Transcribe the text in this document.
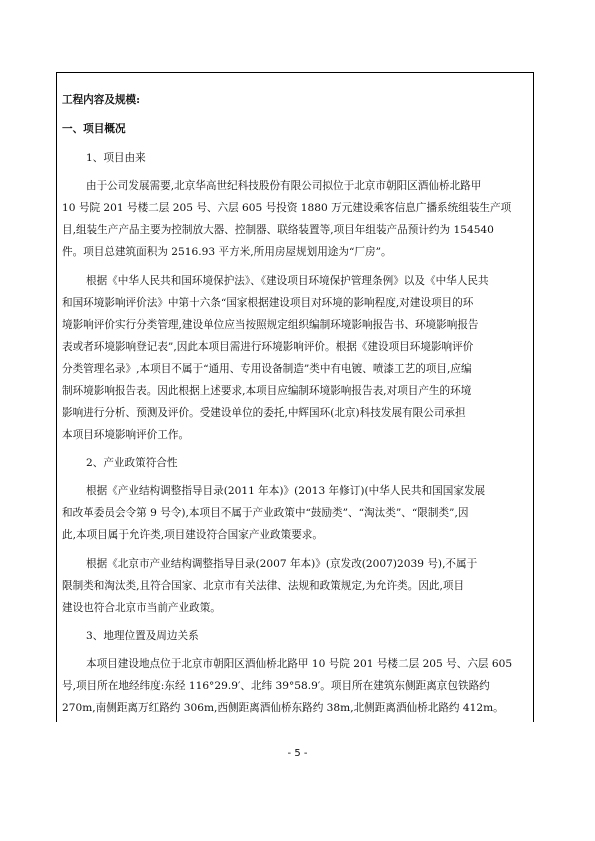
工程内容及规模:
一、项目概况
1、项目由来
由于公司发展需要,北京华高世纪科技股份有限公司拟位于北京市朝阳区酒仙桥北路甲
10 号院 201 号楼二层 205 号、六层 605 号投资 1880 万元建设乘客信息广播系统组装生产项
目,组装生产产品主要为控制放大器、控制器、联络装置等,项目年组装产品预计约为 154540
件。项目总建筑面积为 2516.93 平方米,所用房屋规划用途为“厂房”。
根据《中华人民共和国环境保护法》、《建设项目环境保护管理条例》以及《中华人民共
和国环境影响评价法》中第十六条“国家根据建设项目对环境的影响程度,对建设项目的环
境影响评价实行分类管理,建设单位应当按照规定组织编制环境影响报告书、环境影响报告
表或者环境影响登记表”,因此本项目需进行环境影响评价。根据《建设项目环境影响评价
分类管理名录》,本项目不属于“通用、专用设备制造”类中有电镀、喷漆工艺的项目,应编
制环境影响报告表。因此根据上述要求,本项目应编制环境影响报告表,对项目产生的环境
影响进行分析、预测及评价。受建设单位的委托,中辉国环(北京)科技发展有限公司承担
本项目环境影响评价工作。
2、产业政策符合性
根据《产业结构调整指导目录(2011 年本)》(2013 年修订)(中华人民共和国国家发展
和改革委员会令第 9 号令),本项目不属于产业政策中“鼓励类”、“淘汰类”、“限制类”,因
此,本项目属于允许类,项目建设符合国家产业政策要求。
根据《北京市产业结构调整指导目录(2007 年本)》(京发改(2007)2039 号),不属于
限制类和淘汰类,且符合国家、北京市有关法律、法规和政策规定,为允许类。因此,项目
建设也符合北京市当前产业政策。
3、地理位置及周边关系
本项目建设地点位于北京市朝阳区酒仙桥北路甲 10 号院 201 号楼二层 205 号、六层 605
号,项目所在地经纬度:东经 116°29.9′、北纬 39°58.9′。项目所在建筑东侧距离京包铁路约
270m,南侧距离万红路约 306m,西侧距离酒仙桥东路约 38m,北侧距离酒仙桥北路约 412m。
- 5 -
